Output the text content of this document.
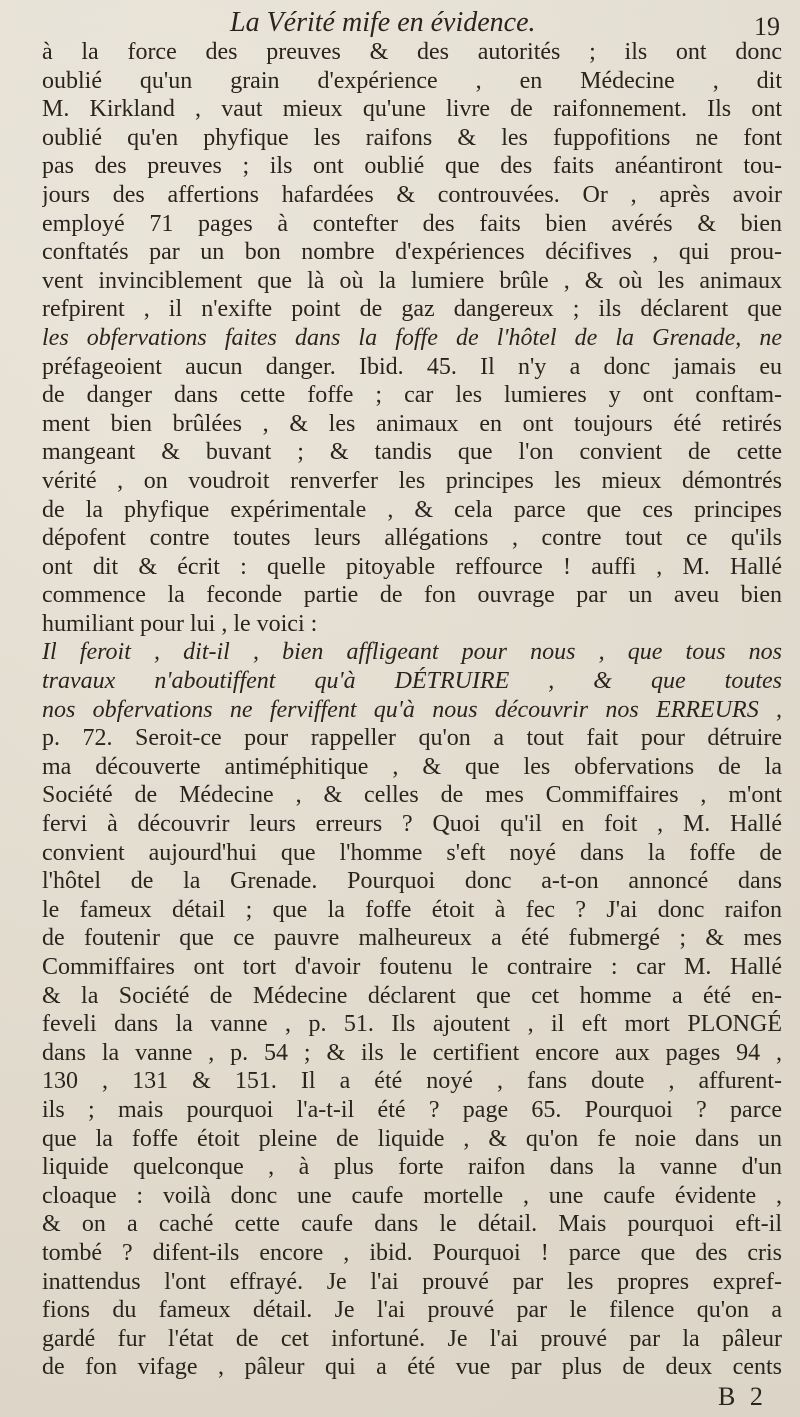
La Vérité mife en évidence.	19
à la force des preuves & des autorités ; ils ont donc
oublié qu'un grain d'expérience , en Médecine , dit
M. Kirkland , vaut mieux qu'une livre de raifonnement. Ils ont
oublié qu'en phyfique les raifons & les fuppofitions ne font
pas des preuves ; ils ont oublié que des faits anéantiront tou-
jours des affertions hafardées & controuvées. Or , après avoir
employé 71 pages à contefter des faits bien avérés & bien
conftatés par un bon nombre d'expériences décifives , qui prou-
vent invinciblement que là où la lumiere brûle , & où les animaux
refpirent , il n'exifte point de gaz dangereux ; ils déclarent que
les obfervations faites dans la foffe de l'hôtel de la Grenade, ne
préfageoient aucun danger. Ibid. 45. Il n'y a donc jamais eu
de danger dans cette foffe ; car les lumieres y ont conftam-
ment bien brûlées , & les animaux en ont toujours été retirés
mangeant & buvant ; & tandis que l'on convient de cette
vérité , on voudroit renverfer les principes les mieux démontrés
de la phyfique expérimentale , & cela parce que ces principes
dépofent contre toutes leurs allégations , contre tout ce qu'ils
ont dit & écrit : quelle pitoyable reffource ! auffi , M. Hallé
commence la feconde partie de fon ouvrage par un aveu bien
humiliant pour lui , le voici :
Il feroit , dit-il , bien affligeant pour nous , que tous nos
travaux n'aboutiffent qu'à DÉTRUIRE , & que toutes
nos obfervations ne ferviffent qu'à nous découvrir nos ERREURS ,
p. 72. Seroit-ce pour rappeller qu'on a tout fait pour détruire
ma découverte antiméphitique , & que les obfervations de la
Société de Médecine , & celles de mes Commiffaires , m'ont
fervi à découvrir leurs erreurs ? Quoi qu'il en foit , M. Hallé
convient aujourd'hui que l'homme s'eft noyé dans la foffe de
l'hôtel de la Grenade. Pourquoi donc a-t-on annoncé dans
le fameux détail ; que la foffe étoit à fec ? J'ai donc raifon
de foutenir que ce pauvre malheureux a été fubmergé ; & mes
Commiffaires ont tort d'avoir foutenu le contraire : car M. Hallé
& la Société de Médecine déclarent que cet homme a été en-
feveli dans la vanne , p. 51. Ils ajoutent , il eft mort PLONGÉ
dans la vanne , p. 54 ; & ils le certifient encore aux pages 94 ,
130 , 131 & 151. Il a été noyé , fans doute , affurent-
ils ; mais pourquoi l'a-t-il été ? page 65. Pourquoi ? parce
que la foffe étoit pleine de liquide , & qu'on fe noie dans un
liquide quelconque , à plus forte raifon dans la vanne d'un
cloaque : voilà donc une caufe mortelle , une caufe évidente ,
& on a caché cette caufe dans le détail. Mais pourquoi eft-il
tombé ? difent-ils encore , ibid. Pourquoi ! parce que des cris
inattendus l'ont effrayé. Je l'ai prouvé par les propres expref-
fions du fameux détail. Je l'ai prouvé par le filence qu'on a
gardé fur l'état de cet infortuné. Je l'ai prouvé par la pâleur
de fon vifage , pâleur qui a été vue par plus de deux cents
B 2
